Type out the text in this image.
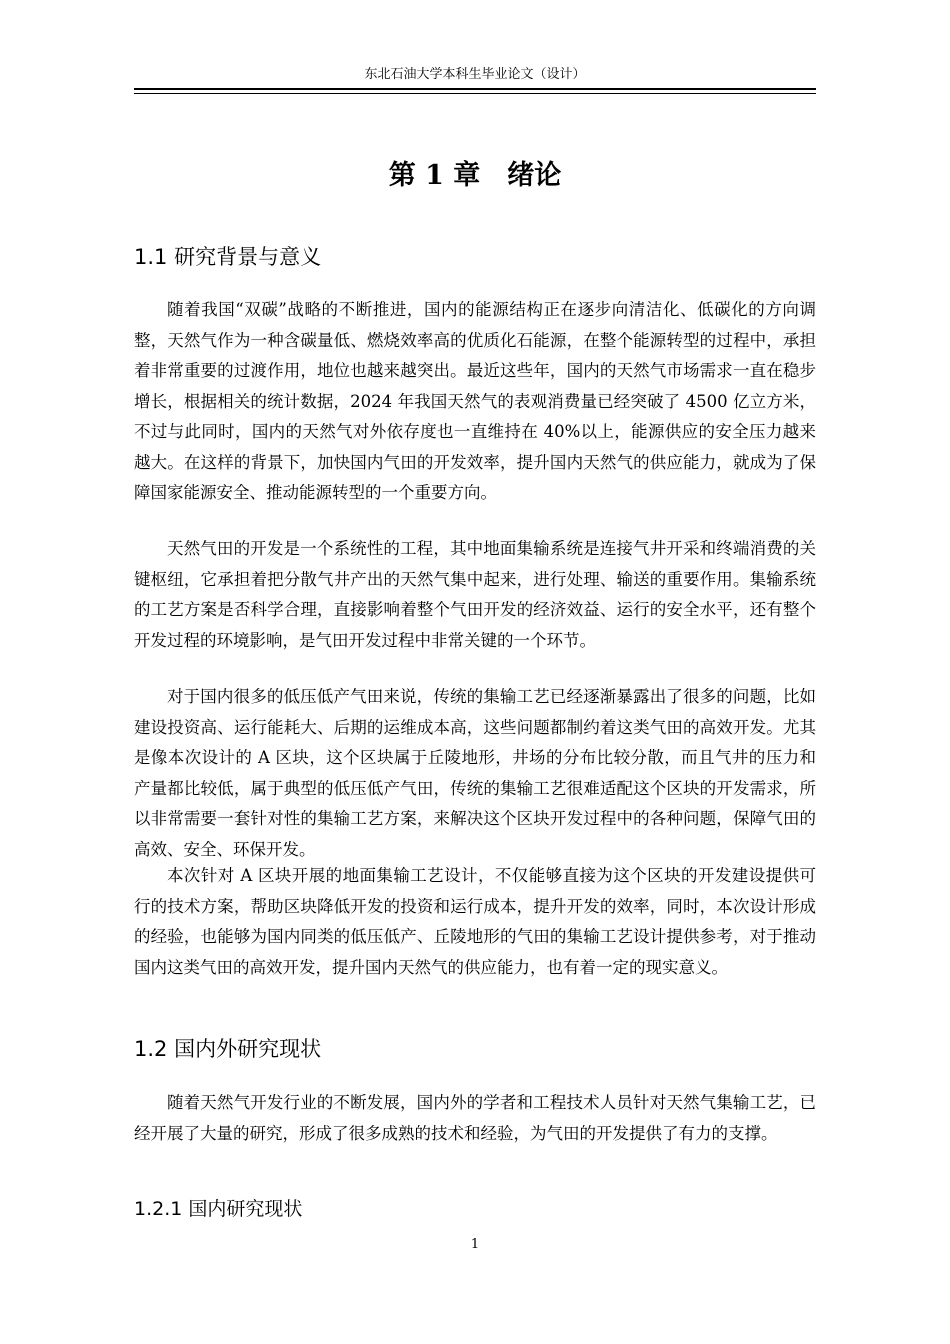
东北石油大学本科生毕业论文（设计）
第 1 章　绪论
1.1 研究背景与意义

随着我国“双碳”战略的不断推进，国内的能源结构正在逐步向清洁化、低碳化的方向调整，天然气作为一种含碳量低、燃烧效率高的优质化石能源，在整个能源转型的过程中，承担着非常重要的过渡作用，地位也越来越突出。最近这些年，国内的天然气市场需求一直在稳步增长，根据相关的统计数据，2024 年我国天然气的表观消费量已经突破了 4500 亿立方米，不过与此同时，国内的天然气对外依存度也一直维持在 40%以上，能源供应的安全压力越来越大。在这样的背景下，加快国内气田的开发效率，提升国内天然气的供应能力，就成为了保障国家能源安全、推动能源转型的一个重要方向。

天然气田的开发是一个系统性的工程，其中地面集输系统是连接气井开采和终端消费的关键枢纽，它承担着把分散气井产出的天然气集中起来，进行处理、输送的重要作用。集输系统的工艺方案是否科学合理，直接影响着整个气田开发的经济效益、运行的安全水平，还有整个开发过程的环境影响，是气田开发过程中非常关键的一个环节。

对于国内很多的低压低产气田来说，传统的集输工艺已经逐渐暴露出了很多的问题，比如建设投资高、运行能耗大、后期的运维成本高，这些问题都制约着这类气田的高效开发。尤其是像本次设计的 A 区块，这个区块属于丘陵地形，井场的分布比较分散，而且气井的压力和产量都比较低，属于典型的低压低产气田，传统的集输工艺很难适配这个区块的开发需求，所以非常需要一套针对性的集输工艺方案，来解决这个区块开发过程中的各种问题，保障气田的高效、安全、环保开发。

本次针对 A 区块开展的地面集输工艺设计，不仅能够直接为这个区块的开发建设提供可行的技术方案，帮助区块降低开发的投资和运行成本，提升开发的效率，同时，本次设计形成的经验，也能够为国内同类的低压低产、丘陵地形的气田的集输工艺设计提供参考，对于推动国内这类气田的高效开发，提升国内天然气的供应能力，也有着一定的现实意义。

1.2 国内外研究现状

随着天然气开发行业的不断发展，国内外的学者和工程技术人员针对天然气集输工艺，已经开展了大量的研究，形成了很多成熟的技术和经验，为气田的开发提供了有力的支撑。

1.2.1 国内研究现状
1
